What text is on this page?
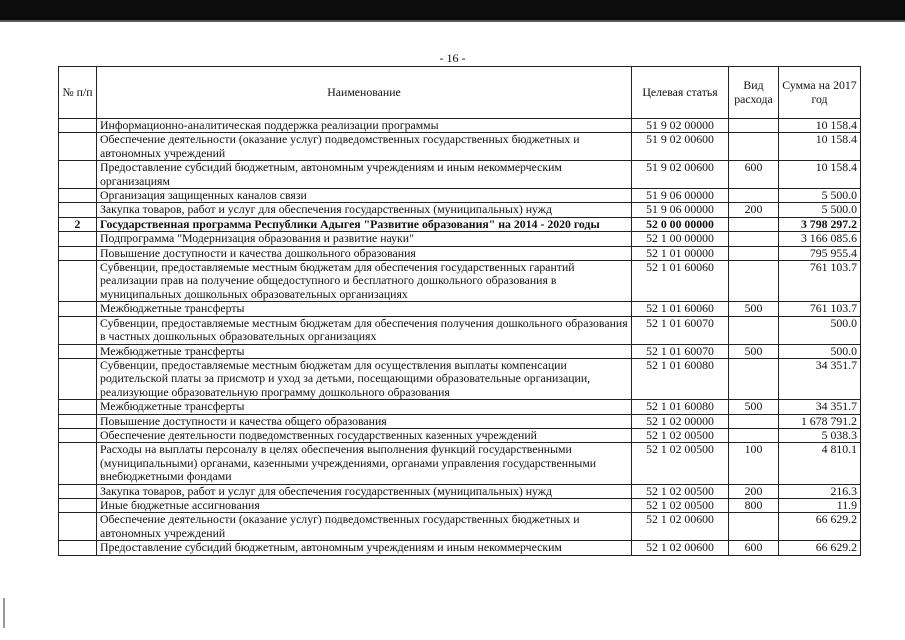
- 16 -
№ п/п	Наименование	Целевая статья	Вид расхода	Сумма на 2017 год
	Информационно-аналитическая поддержка реализации программы	51 9 02 00000		10 158.4
	Обеспечение деятельности (оказание услуг) подведомственных государственных бюджетных и автономных учреждений	51 9 02 00600		10 158.4
	Предоставление субсидий бюджетным, автономным учреждениям и иным некоммерческим организациям	51 9 02 00600	600	10 158.4
	Организация защищенных каналов связи	51 9 06 00000		5 500.0
	Закупка товаров, работ и услуг для обеспечения государственных (муниципальных) нужд	51 9 06 00000	200	5 500.0
2	Государственная программа Республики Адыгея "Развитие образования" на 2014 - 2020 годы	52 0 00 00000		3 798 297.2
	Подпрограмма "Модернизация образования и развитие науки"	52 1 00 00000		3 166 085.6
	Повышение доступности и качества дошкольного образования	52 1 01 00000		795 955.4
	Субвенции, предоставляемые местным бюджетам для обеспечения государственных гарантий реализации прав на получение общедоступного и бесплатного дошкольного образования в муниципальных дошкольных образовательных организациях	52 1 01 60060		761 103.7
	Межбюджетные трансферты	52 1 01 60060	500	761 103.7
	Субвенции, предоставляемые местным бюджетам для обеспечения получения дошкольного образования в частных дошкольных образовательных организациях	52 1 01 60070		500.0
	Межбюджетные трансферты	52 1 01 60070	500	500.0
	Субвенции, предоставляемые местным бюджетам для осуществления выплаты компенсации родительской платы за присмотр и уход за детьми, посещающими образовательные организации, реализующие образовательную программу дошкольного образования	52 1 01 60080		34 351.7
	Межбюджетные трансферты	52 1 01 60080	500	34 351.7
	Повышение доступности и качества общего образования	52 1 02 00000		1 678 791.2
	Обеспечение деятельности подведомственных государственных казенных учреждений	52 1 02 00500		5 038.3
	Расходы на выплаты персоналу в целях обеспечения выполнения функций государственными (муниципальными) органами, казенными учреждениями, органами управления государственными внебюджетными фондами	52 1 02 00500	100	4 810.1
	Закупка товаров, работ и услуг для обеспечения государственных (муниципальных) нужд	52 1 02 00500	200	216.3
	Иные бюджетные ассигнования	52 1 02 00500	800	11.9
	Обеспечение деятельности (оказание услуг) подведомственных государственных бюджетных и автономных учреждений	52 1 02 00600		66 629.2
	Предоставление субсидий бюджетным, автономным учреждениям и иным некоммерческим	52 1 02 00600	600	66 629.2
